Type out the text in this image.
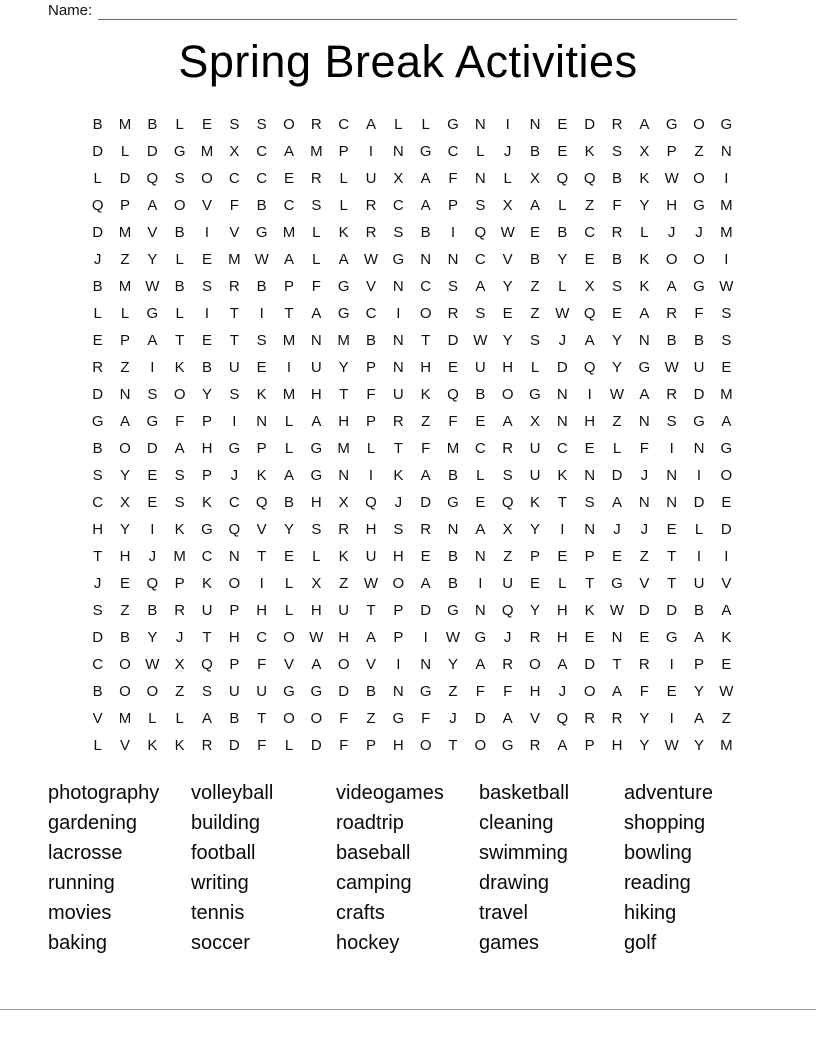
Name:
Spring Break Activities
B	M	B	L	E	S	S	O	R	C	A	L	L	G	N	I	N	E	D	R	A	G	O	G
D	L	D	G	M	X	C	A	M	P	I	N	G	C	L	J	B	E	K	S	X	P	Z	N
L	D	Q	S	O	C	C	E	R	L	U	X	A	F	N	L	X	Q	Q	B	K	W O	I
Q	P	A	O	V	F	B	C	S	L	R	C	A	P	S	X	A	L	Z	F	Y	H	G	M
D	M	V	B	I	V	G	M	L	K	R	S	B	I	Q W	E	B	C	R	L	J	J	M
J	Z	Y	L	E	M W	A	L	A	W G	N	N	C	V	B	Y	E	B	K	O	O	I
B	M W	B	S	R	B	P	F	G	V	N	C	S	A	Y	Z	L	X	S	K	A	G W
L	L	G	L	I	T	I	T	A	G	C	I	O	R	S	E	Z	W Q	E	A	R	F	S
E	P	A	T	E	T	S	M	N	M	B	N	T	D W	Y	S	J	A	Y	N	B	B	S
R	Z	I	K	B	U	E	I	U	Y	P	N	H	E	U	H	L	D	Q	Y	G W U	E
D	N	S	O	Y	S	K	M	H	T	F	U	K	Q	B	O	G	N	I	W	A	R	D	M
G	A	G	F	P	I	N	L	A	H	P	R	Z	F	E	A	X	N	H	Z	N	S	G	A
B	O	D	A	H	G	P	L	G	M	L	T	F	M	C	R	U	C	E	L	F	I	N	G
S	Y	E	S	P	J	K	A	G	N	I	K	A	B	L	S	U	K	N	D	J	N	I	O
C	X	E	S	K	C	Q	B	H	X	Q	J	D	G	E	Q	K	T	S	A	N	N	D	E
H	Y	I	K	G	Q	V	Y	S	R	H	S	R	N	A	X	Y	I	N	J	J	E	L	D
T	H	J	M	C	N	T	E	L	K	U	H	E	B	N	Z	P	E	P	E	Z	T	I	I
J	E	Q	P	K	O	I	L	X	Z	W O	A	B	I	U	E	L	T	G	V	T	U	V
S	Z	B	R	U	P	H	L	H	U	T	P	D	G	N	Q	Y	H	K	W D	D	B	A
D	B	Y	J	T	H	C	O W H	A	P	I	W G	J	R	H	E	N	E	G	A	K
C	O W	X	Q	P	F	V	A	O	V	I	N	Y	A	R	O	A	D	T	R	I	P	E
B	O	O	Z	S	U	U	G	G	D	B	N	G	Z	F	F	H	J	O	A	F	E	Y	W
V	M	L	L	A	B	T	O	O	F	Z	G	F	J	D	A	V	Q	R	R	Y	I	A	Z
L	V	K	K	R	D	F	L	D	F	P	H	O	T	O	G	R	A	P	H	Y	W	Y	M
photography
gardening
lacrosse
running
movies
baking
volleyball
building
football
writing
tennis
soccer
videogames
roadtrip
baseball
camping
crafts
hockey
basketball
cleaning
swimming
drawing
travel
games
adventure
shopping
bowling
reading
hiking
golf
